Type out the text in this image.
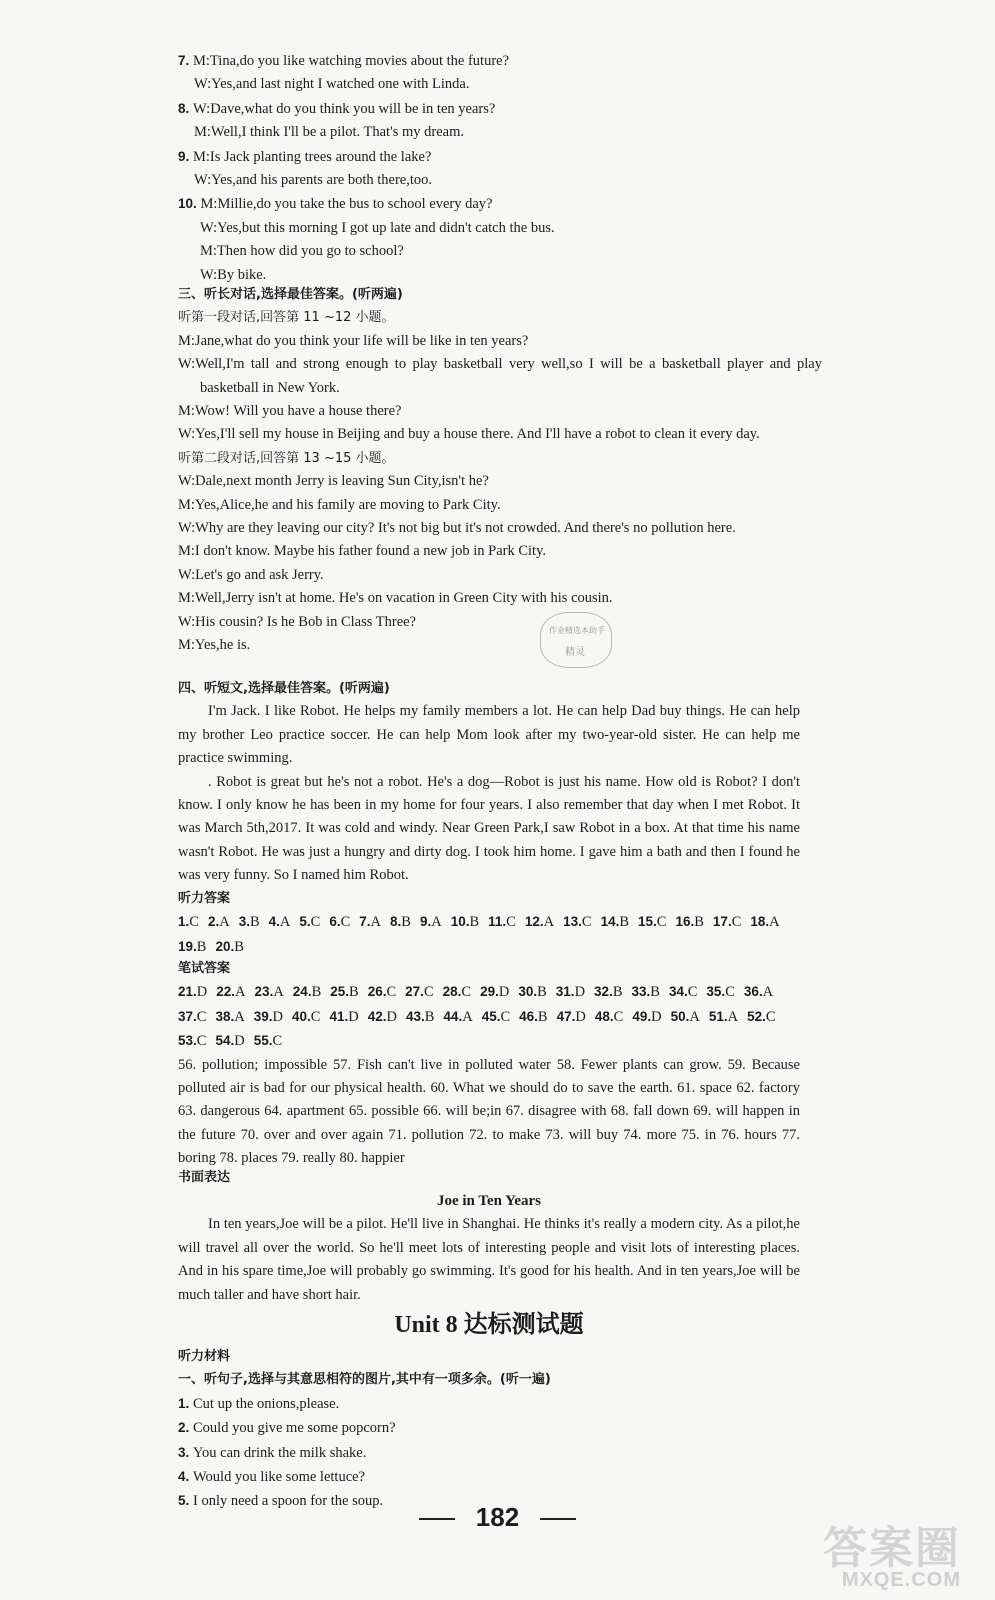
7. M:Tina,do you like watching movies about the future?
W:Yes,and last night I watched one with Linda.
8. W:Dave,what do you think you will be in ten years?
M:Well,I think I'll be a pilot. That's my dream.
9. M:Is Jack planting trees around the lake?
W:Yes,and his parents are both there,too.
10. M:Millie,do you take the bus to school every day?
W:Yes,but this morning I got up late and didn't catch the bus.
M:Then how did you go to school?
W:By bike.
三、听长对话,选择最佳答案。(听两遍)
听第一段对话,回答第 11 ~12 小题。
M:Jane,what do you think your life will be like in ten years?
W:Well,I'm tall and strong enough to play basketball very well,so I will be a basketball player and play basketball in New York.
M:Wow! Will you have a house there?
W:Yes,I'll sell my house in Beijing and buy a house there. And I'll have a robot to clean it every day.
听第二段对话,回答第 13 ~15 小题。
W:Dale,next month Jerry is leaving Sun City,isn't he?
M:Yes,Alice,he and his family are moving to Park City.
W:Why are they leaving our city? It's not big but it's not crowded. And there's no pollution here.
M:I don't know. Maybe his father found a new job in Park City.
W:Let's go and ask Jerry.
M:Well,Jerry isn't at home. He's on vacation in Green City with his cousin.
W:His cousin? Is he Bob in Class Three?
M:Yes,he is.
四、听短文,选择最佳答案。(听两遍)
I'm Jack. I like Robot. He helps my family members a lot. He can help Dad buy things. He can help my brother Leo practice soccer. He can help Mom look after my two-year-old sister. He can help me practice swimming.
. Robot is great but he's not a robot. He's a dog—Robot is just his name. How old is Robot? I don't know. I only know he has been in my home for four years. I also remember that day when I met Robot. It was March 5th,2017. It was cold and windy. Near Green Park,I saw Robot in a box. At that time his name wasn't Robot. He was just a hungry and dirty dog. I took him home. I gave him a bath and then I found he was very funny. So I named him Robot.
听力答案
1.C 2.A 3.B 4.A 5.C 6.C 7.A 8.B 9.A 10.B 11.C 12.A 13.C 14.B 15.C 16.B 17.C 18.A19.B 20.B
笔试答案
21.D 22.A 23.A 24.B 25.B 26.C 27.C 28.C 29.D 30.B 31.D 32.B 33.B 34.C 35.C 36.A37.C 38.A 39.D 40.C 41.D 42.D 43.B 44.A 45.C 46.B 47.D 48.C 49.D 50.A 51.A 52.C53.C 54.D 55.C
56. pollution; impossible 57. Fish can't live in polluted water 58. Fewer plants can grow. 59. Because polluted air is bad for our physical health. 60. What we should do to save the earth. 61. space 62. factory 63. dangerous 64. apartment 65. possible 66. will be;in 67. disagree with 68. fall down 69. will happen in the future 70. over and over again 71. pollution 72. to make 73. will buy 74. more 75. in 76. hours 77. boring 78. places 79. really 80. happier
书面表达
Joe in Ten Years
In ten years,Joe will be a pilot. He'll live in Shanghai. He thinks it's really a modern city. As a pilot,he will travel all over the world. So he'll meet lots of interesting people and visit lots of interesting places. And in his spare time,Joe will probably go swimming. It's good for his health. And in ten years,Joe will be much taller and have short hair.
Unit 8 达标测试题
听力材料
一、听句子,选择与其意思相符的图片,其中有一项多余。(听一遍)
1. Cut up the onions,please.
2. Could you give me some popcorn?
3. You can drink the milk shake.
4. Would you like some lettuce?
5. I only need a spoon for the soup.
作业精选本助手
精灵
182
答案圈
MXQE.COM
